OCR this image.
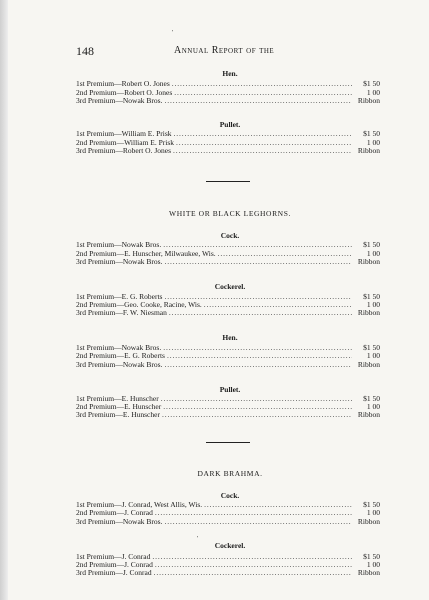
'
148	Annual Report of the
Hen.
1st Premium—Robert O. Jones . . .	$1 50
2nd Premium—Robert O. Jones . . .	1 00
3rd Premium—Nowak Bros. . . .	Ribbon
Pullet.
1st Premium—William E. Prisk . . .	$1 50
2nd Premium—William E. Prisk . . .	1 00
3rd Premium—Robert O. Jones . . .	Ribbon
WHITE OR BLACK LEGHORNS.
Cock.
1st Premium—Nowak Bros. . . .	$1 50
2nd Premium—E. Hunscher, Milwaukee, Wis. . . .	1 00
3rd Premium—Nowak Bros. . . .	Ribbon
Cockerel.
1st Premium—E. G. Roberts . . .	$1 50
2nd Premium—Geo. Cooke, Racine, Wis. . . .	1 00
3rd Premium—F. W. Niesman . . .	Ribbon
Hen.
1st Premium—Nowak Bros. . . .	$1 50
2nd Premium—E. G. Roberts . . .	1 00
3rd Premium—Nowak Bros. . . .	Ribbon
Pullet.
1st Premium—E. Hunscher . . .	$1 50
2nd Premium—E. Hunscher . . .	1 00
3rd Premium—E. Hunscher . . .	Ribbon
DARK BRAHMA.
Cock.
1st Premium—J. Conrad, West Allis, Wis. . . .	$1 50
2nd Premium—J. Conrad . . .	1 00
3rd Premium—Nowak Bros. . . .	Ribbon
'
Cockerel.
1st Premium—J. Conrad . . .	$1 50
2nd Premium—J. Conrad . . .	1 00
3rd Premium—J. Conrad . . .	Ribbon
